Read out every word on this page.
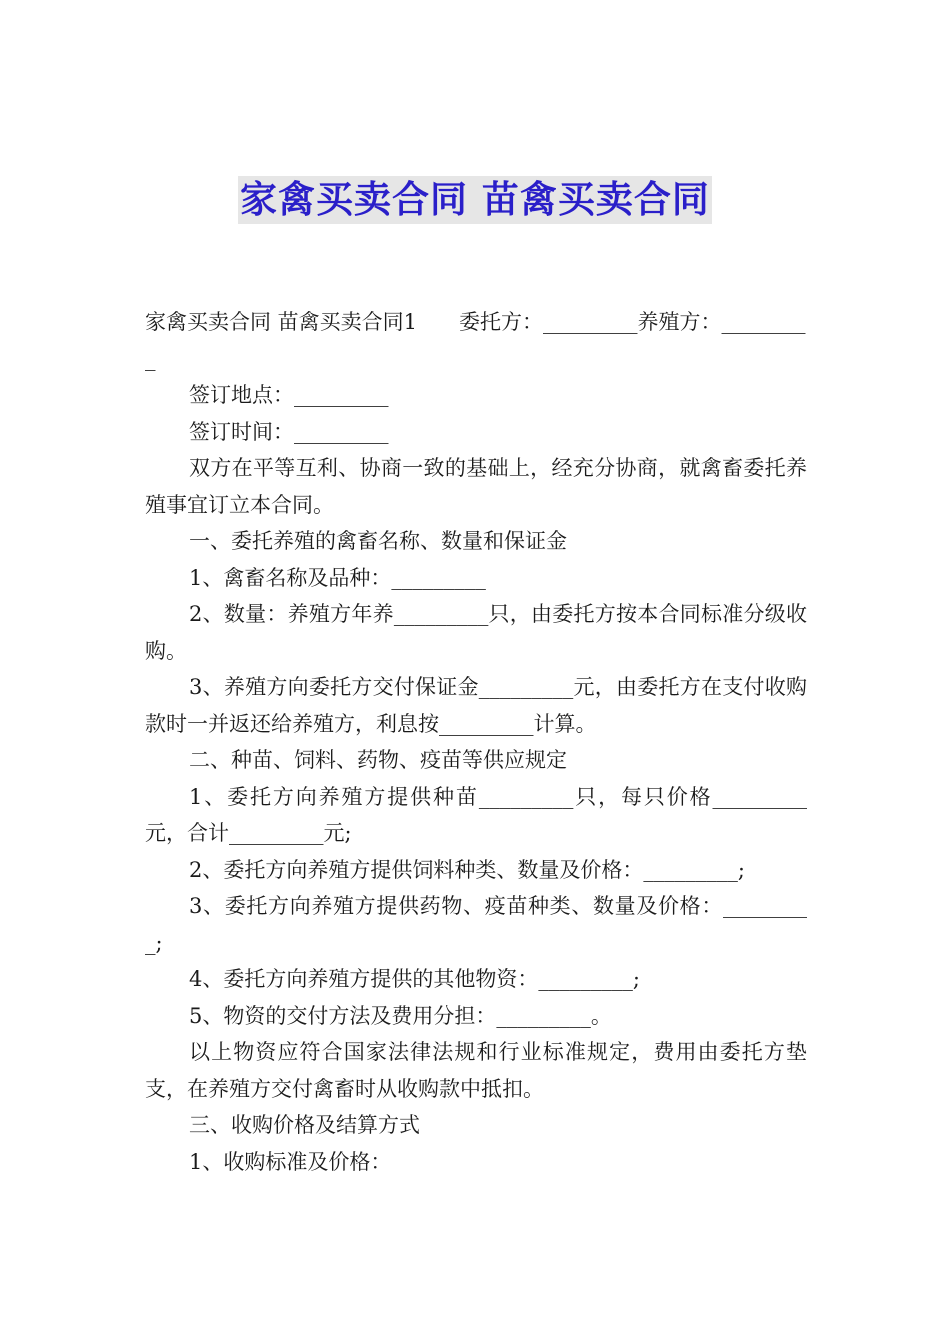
家禽买卖合同 苗禽买卖合同

家禽买卖合同 苗禽买卖合同1　　委托方：_________养殖方：_________

签订地点：_________

签订时间：_________

双方在平等互利、协商一致的基础上，经充分协商，就禽畜委托养殖事宜订立本合同。

一、委托养殖的禽畜名称、数量和保证金

1、禽畜名称及品种：_________

2、数量：养殖方年养_________只，由委托方按本合同标准分级收购。

3、养殖方向委托方交付保证金_________元，由委托方在支付收购款时一并返还给养殖方，利息按_________计算。

二、种苗、饲料、药物、疫苗等供应规定

1、委托方向养殖方提供种苗_________只，每只价格_________元，合计_________元;

2、委托方向养殖方提供饲料种类、数量及价格：_________;

3、委托方向养殖方提供药物、疫苗种类、数量及价格：_________;

4、委托方向养殖方提供的其他物资：_________;

5、物资的交付方法及费用分担：_________。

以上物资应符合国家法律法规和行业标准规定，费用由委托方垫支，在养殖方交付禽畜时从收购款中抵扣。

三、收购价格及结算方式

1、收购标准及价格：
